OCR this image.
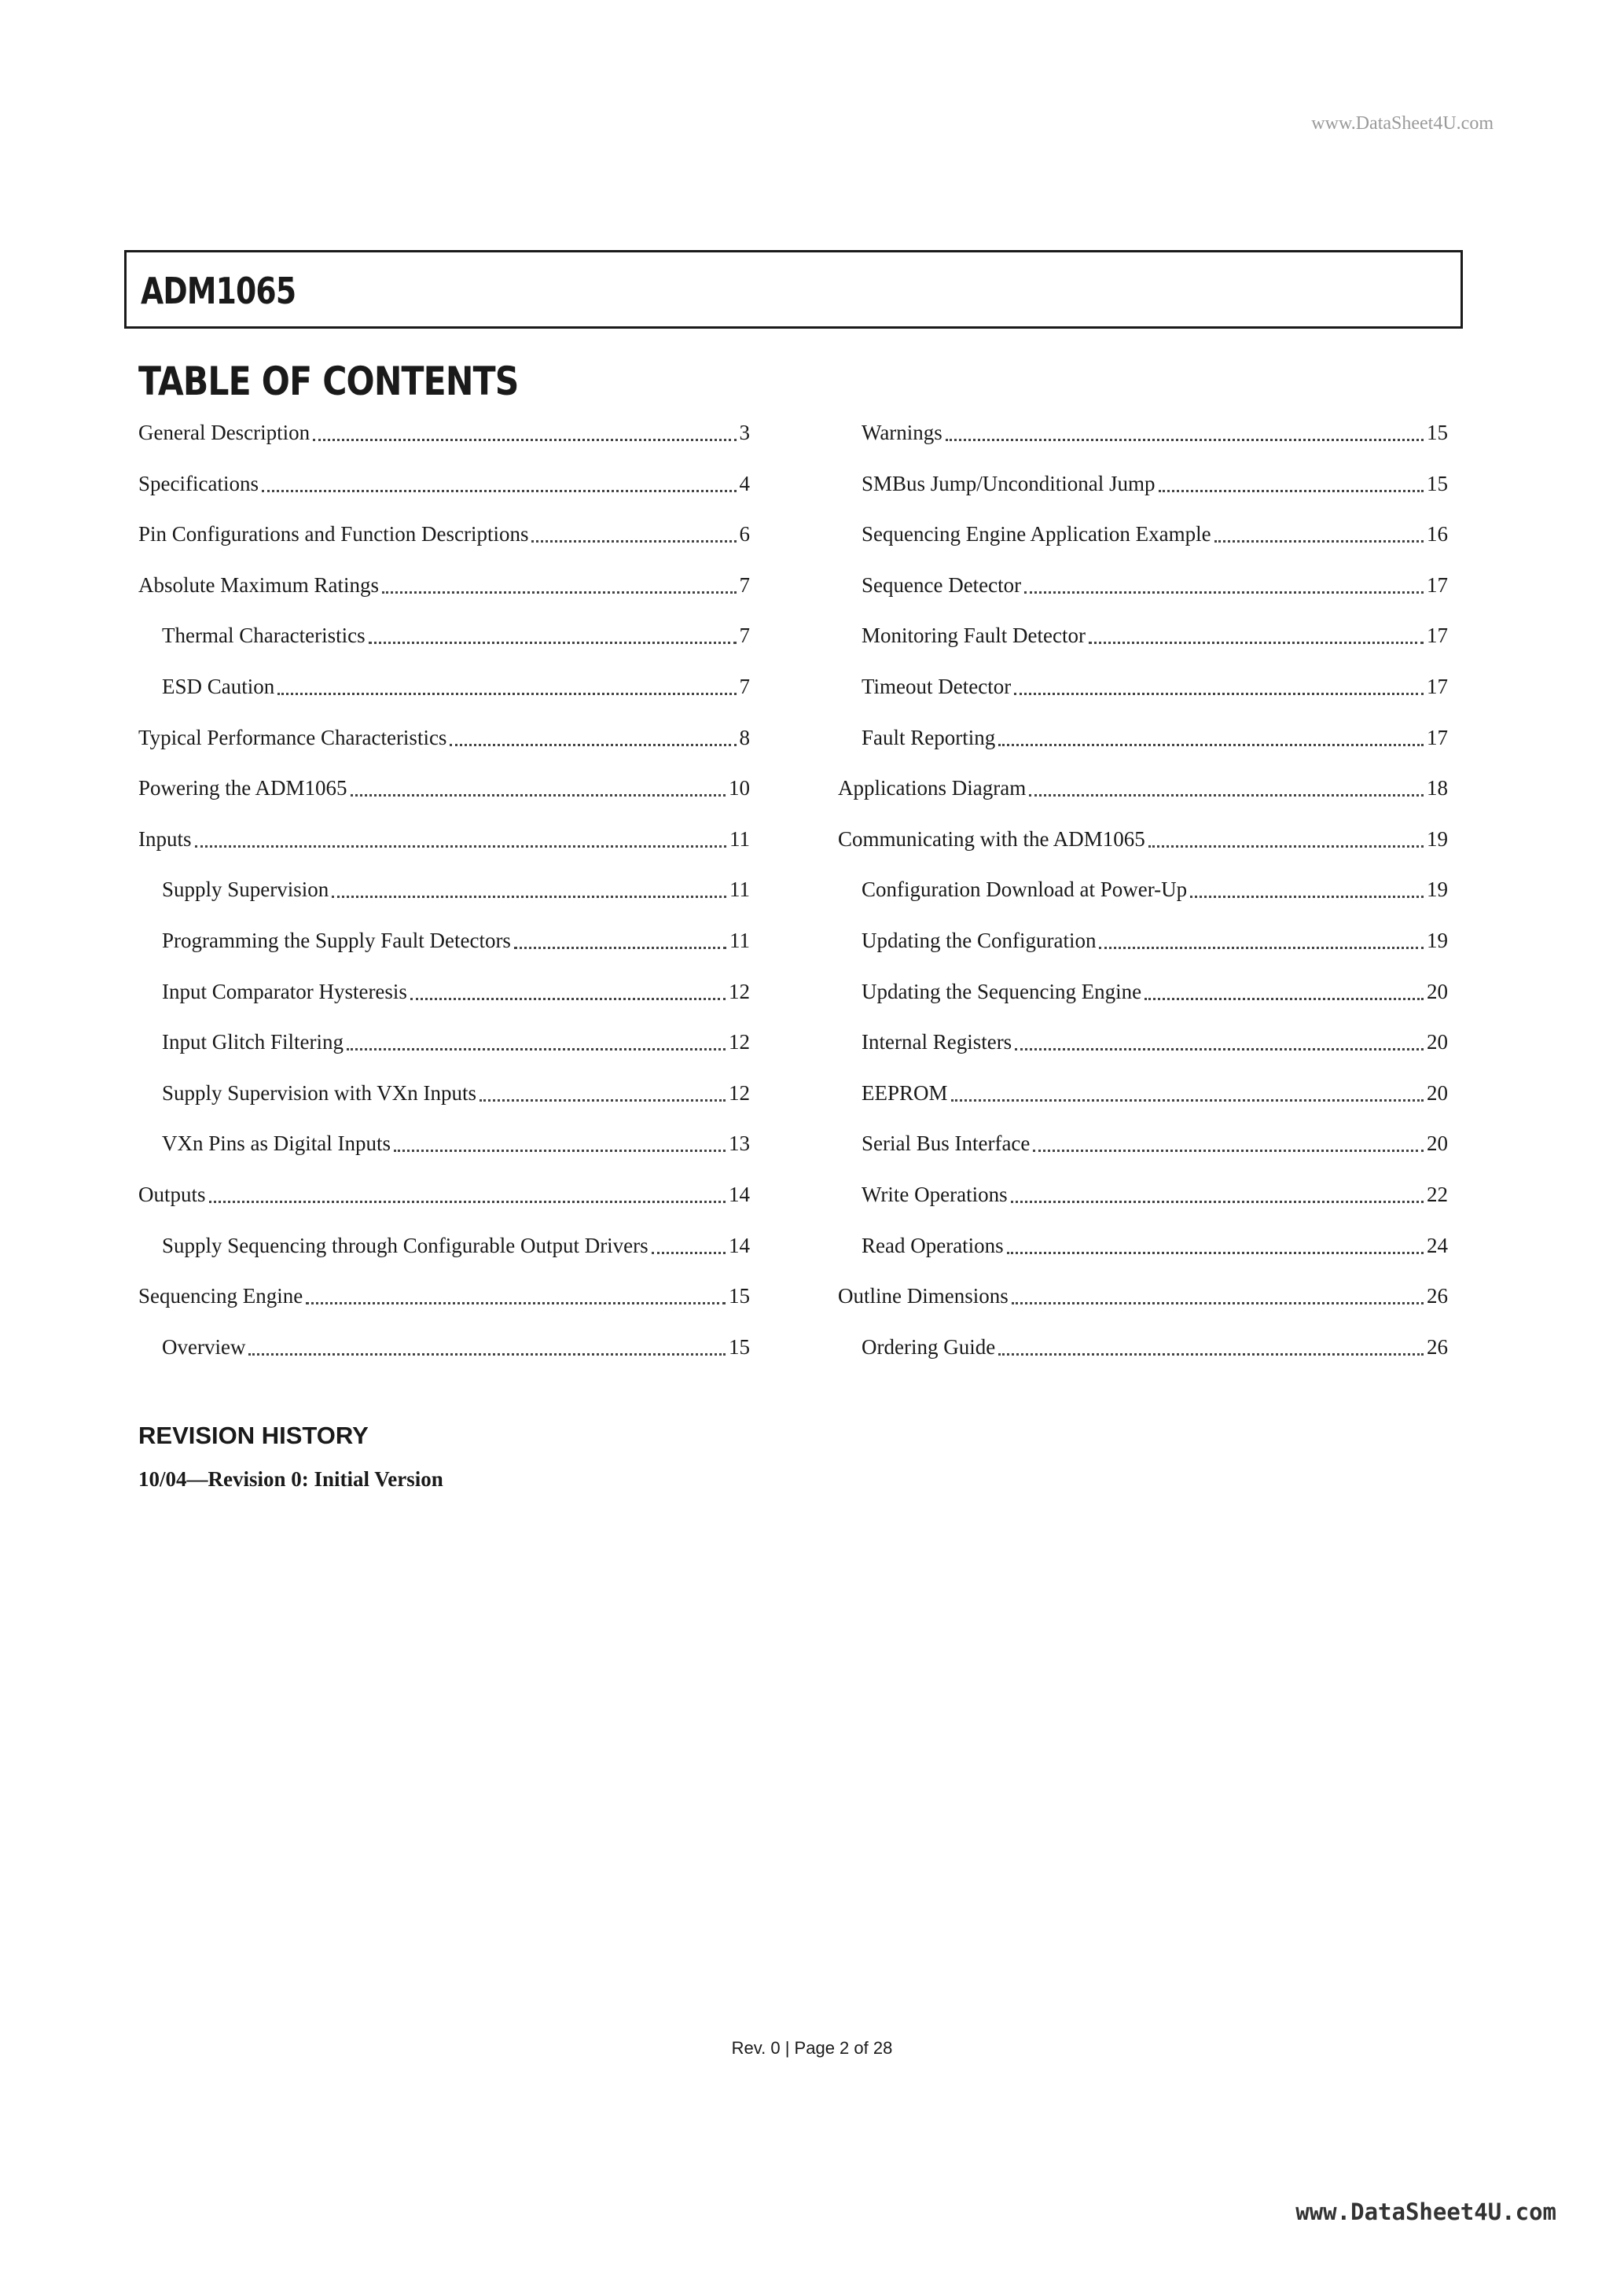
www.DataSheet4U.com
ADM1065
TABLE OF CONTENTS
General Description	3
Specifications	4
Pin Configurations and Function Descriptions	6
Absolute Maximum Ratings	7
Thermal Characteristics	7
ESD Caution	7
Typical Performance Characteristics	8
Powering the ADM1065	10
Inputs	11
Supply Supervision	11
Programming the Supply Fault Detectors	11
Input Comparator Hysteresis	12
Input Glitch Filtering	12
Supply Supervision with VXn Inputs	12
VXn Pins as Digital Inputs	13
Outputs	14
Supply Sequencing through Configurable Output Drivers	14
Sequencing Engine	15
Overview	15
Warnings	15
SMBus Jump/Unconditional Jump	15
Sequencing Engine Application Example	16
Sequence Detector	17
Monitoring Fault Detector	17
Timeout Detector	17
Fault Reporting	17
Applications Diagram	18
Communicating with the ADM1065	19
Configuration Download at Power-Up	19
Updating the Configuration	19
Updating the Sequencing Engine	20
Internal Registers	20
EEPROM	20
Serial Bus Interface	20
Write Operations	22
Read Operations	24
Outline Dimensions	26
Ordering Guide	26
REVISION HISTORY

10/04—Revision 0: Initial Version

Rev. 0 | Page 2 of 28
www.DataSheet4U.com
